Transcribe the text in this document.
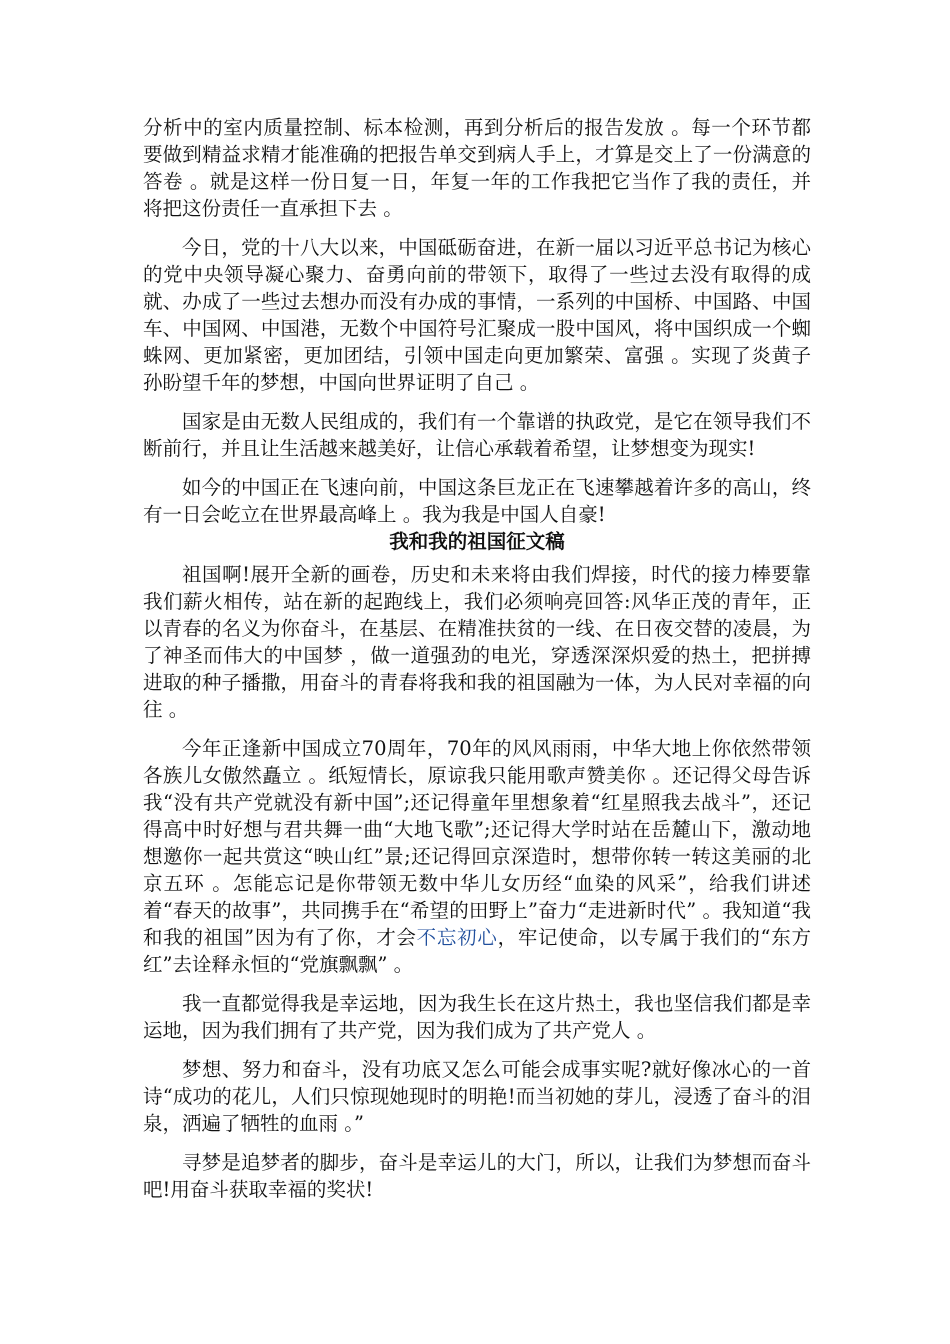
分析中的室内质量控制、标本检测，再到分析后的报告发放 。每一个环节都要做到精益求精才能准确的把报告单交到病人手上，才算是交上了一份满意的答卷 。就是这样一份日复一日，年复一年的工作我把它当作了我的责任，并将把这份责任一直承担下去 。

今日，党的十八大以来，中国砥砺奋进，在新一届以习近平总书记为核心的党中央领导凝心聚力、奋勇向前的带领下，取得了一些过去没有取得的成就、办成了一些过去想办而没有办成的事情，一系列的中国桥、中国路、中国车、中国网、中国港，无数个中国符号汇聚成一股中国风，将中国织成一个蜘蛛网、更加紧密，更加团结，引领中国走向更加繁荣、富强 。实现了炎黄子孙盼望千年的梦想，中国向世界证明了自己 。

国家是由无数人民组成的，我们有一个靠谱的执政党，是它在领导我们不断前行，并且让生活越来越美好，让信心承载着希望，让梦想变为现实!

如今的中国正在飞速向前，中国这条巨龙正在飞速攀越着许多的高山，终有一日会屹立在世界最高峰上 。我为我是中国人自豪!

我和我的祖国征文稿

祖国啊!展开全新的画卷，历史和未来将由我们焊接，时代的接力棒要靠我们薪火相传，站在新的起跑线上，我们必须响亮回答:风华正茂的青年，正以青春的名义为你奋斗，在基层、在精准扶贫的一线、在日夜交替的凌晨，为了神圣而伟大的中国梦 ，做一道强劲的电光，穿透深深炽爱的热土，把拼搏进取的种子播撒，用奋斗的青春将我和我的祖国融为一体，为人民对幸福的向往 。

今年正逢新中国成立70周年，70年的风风雨雨，中华大地上你依然带领各族儿女傲然矗立 。纸短情长，原谅我只能用歌声赞美你 。还记得父母告诉我“没有共产党就没有新中国”;还记得童年里想象着“红星照我去战斗”，还记得高中时好想与君共舞一曲“大地飞歌”;还记得大学时站在岳麓山下，激动地想邀你一起共赏这“映山红”景;还记得回京深造时，想带你转一转这美丽的北京五环 。怎能忘记是你带领无数中华儿女历经“血染的风采”，给我们讲述着“春天的故事”，共同携手在“希望的田野上”奋力“走进新时代” 。我知道“我和我的祖国”因为有了你，才会不忘初心，牢记使命，以专属于我们的“东方红”去诠释永恒的“党旗飘飘” 。

我一直都觉得我是幸运地，因为我生长在这片热土，我也坚信我们都是幸运地，因为我们拥有了共产党，因为我们成为了共产党人 。

梦想、努力和奋斗，没有功底又怎么可能会成事实呢?就好像冰心的一首诗“成功的花儿，人们只惊现她现时的明艳!而当初她的芽儿，浸透了奋斗的泪泉，洒遍了牺牲的血雨 。”

寻梦是追梦者的脚步，奋斗是幸运儿的大门，所以，让我们为梦想而奋斗吧!用奋斗获取幸福的奖状!
